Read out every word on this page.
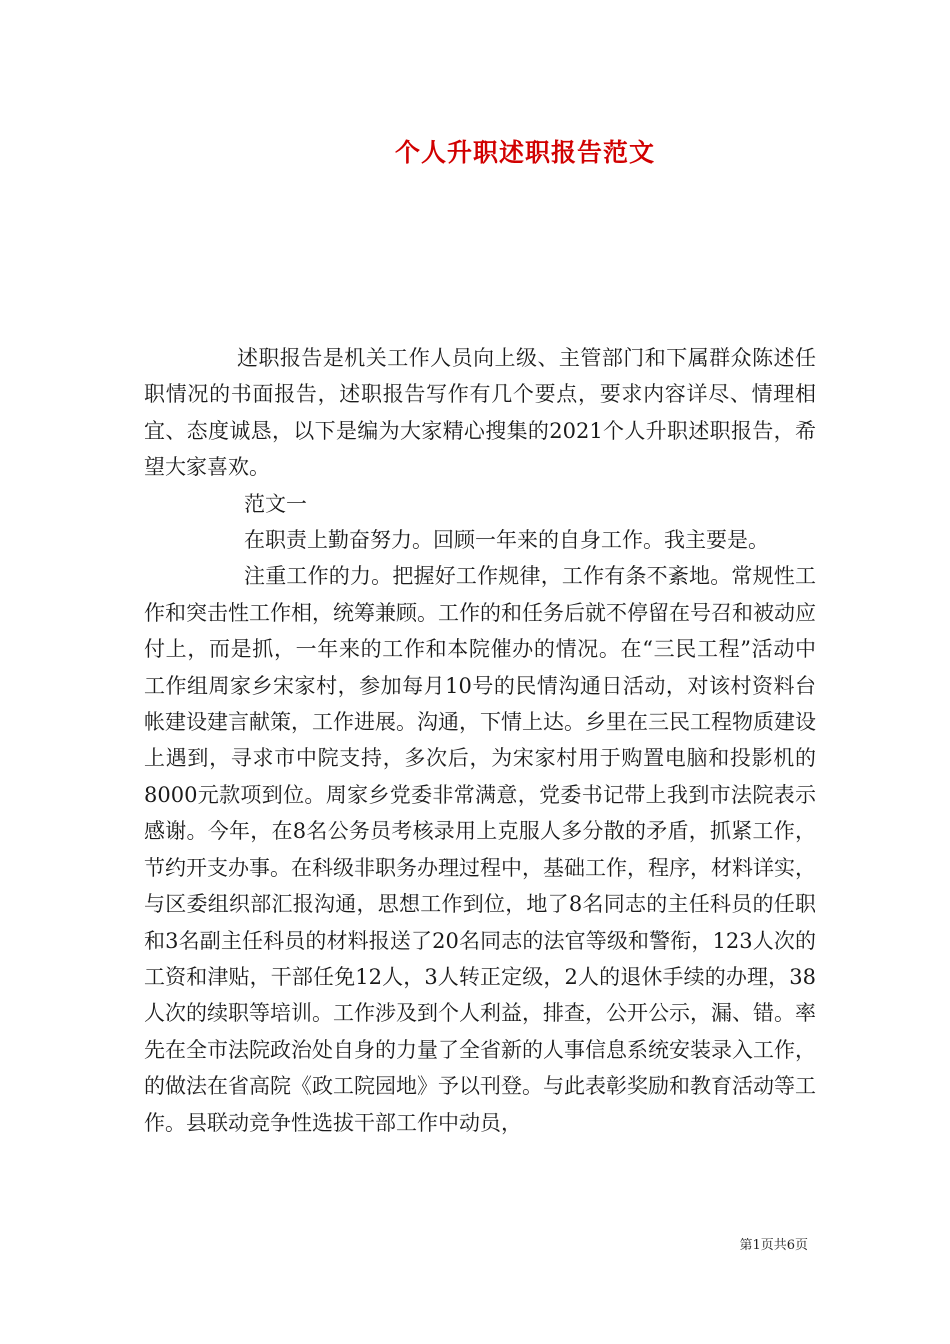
个人升职述职报告范文

述职报告是机关工作人员向上级、主管部门和下属群众陈述任职情况的书面报告，述职报告写作有几个要点，要求内容详尽、情理相宜、态度诚恳，以下是编为大家精心搜集的2021个人升职述职报告，希望大家喜欢。

范文一

在职责上勤奋努力。回顾一年来的自身工作。我主要是。

注重工作的力。把握好工作规律，工作有条不紊地。常规性工作和突击性工作相，统筹兼顾。工作的和任务后就不停留在号召和被动应付上，而是抓，一年来的工作和本院催办的情况。在“三民工程”活动中工作组周家乡宋家村，参加每月10号的民情沟通日活动，对该村资料台帐建设建言献策，工作进展。沟通，下情上达。乡里在三民工程物质建设上遇到，寻求市中院支持，多次后，为宋家村用于购置电脑和投影机的8000元款项到位。周家乡党委非常满意，党委书记带上我到市法院表示感谢。今年，在8名公务员考核录用上克服人多分散的矛盾，抓紧工作，节约开支办事。在科级非职务办理过程中，基础工作，程序，材料详实，与区委组织部汇报沟通，思想工作到位，地了8名同志的主任科员的任职和3名副主任科员的材料报送了20名同志的法官等级和警衔，123人次的工资和津贴，干部任免12人，3人转正定级，2人的退休手续的办理，38人次的续职等培训。工作涉及到个人利益，排查，公开公示，漏、错。率先在全市法院政治处自身的力量了全省新的人事信息系统安装录入工作，的做法在省高院《政工院园地》予以刊登。与此表彰奖励和教育活动等工作。县联动竞争性选拔干部工作中动员，

第1页共6页
